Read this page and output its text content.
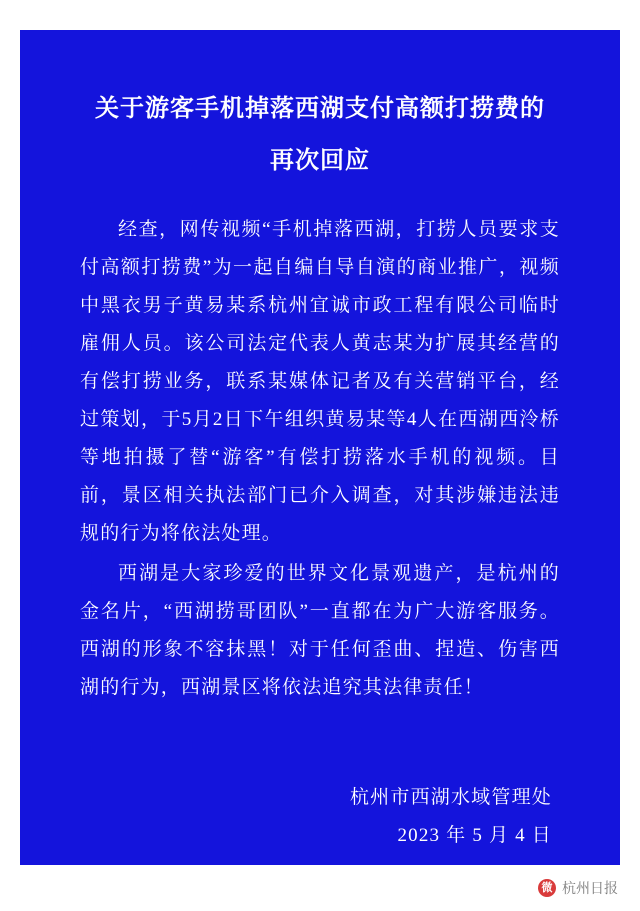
关于游客手机掉落西湖支付高额打捞费的
再次回应

经查，网传视频“手机掉落西湖，打捞人员要求支付高额打捞费”为一起自编自导自演的商业推广，视频中黑衣男子黄易某系杭州宜诚市政工程有限公司临时雇佣人员。该公司法定代表人黄志某为扩展其经营的有偿打捞业务，联系某媒体记者及有关营销平台，经过策划，于5月2日下午组织黄易某等4人在西湖西泠桥等地拍摄了替“游客”有偿打捞落水手机的视频。目前，景区相关执法部门已介入调查，对其涉嫌违法违规的行为将依法处理。

西湖是大家珍爱的世界文化景观遗产，是杭州的金名片，“西湖捞哥团队”一直都在为广大游客服务。西湖的形象不容抹黑！对于任何歪曲、捏造、伤害西湖的行为，西湖景区将依法追究其法律责任！

杭州市西湖水域管理处
2023 年 5 月 4 日
微 杭州日报
